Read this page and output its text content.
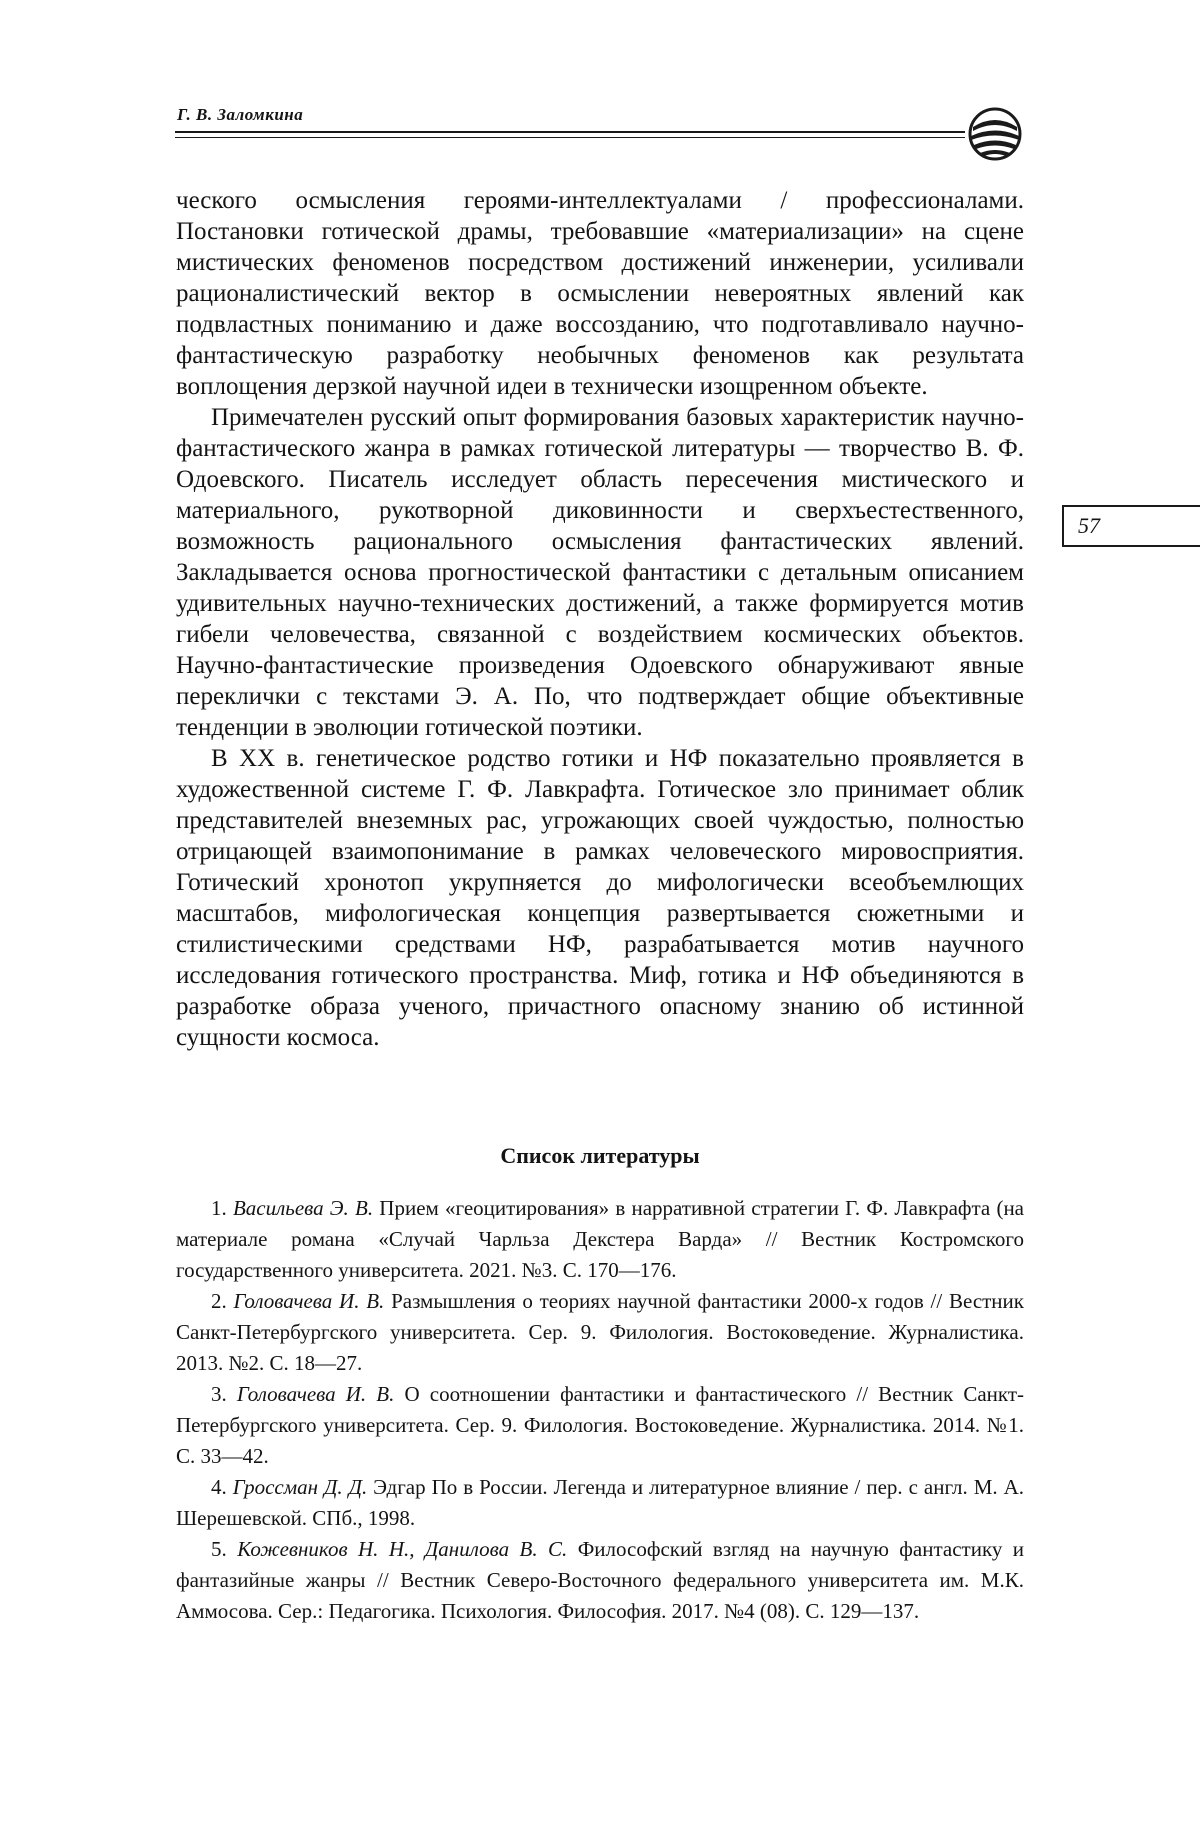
Г. В. Заломкина
57

ческого осмысления героями-интеллектуалами / профессионалами. Постановки готической драмы, требовавшие «материализации» на сцене мистических феноменов посредством достижений инженерии, усиливали рационалистический вектор в осмыслении невероятных явлений как подвластных пониманию и даже воссозданию, что подготавливало научно-фантастическую разработку необычных феноменов как результата воплощения дерзкой научной идеи в технически изощренном объекте.

Примечателен русский опыт формирования базовых характеристик научно-фантастического жанра в рамках готической литературы — творчество В. Ф. Одоевского. Писатель исследует область пересечения мистического и материального, рукотворной диковинности и сверхъестественного, возможность рационального осмысления фантастических явлений. Закладывается основа прогностической фантастики с детальным описанием удивительных научно-технических достижений, а также формируется мотив гибели человечества, связанной с воздействием космических объектов. Научно-фантастические произведения Одоевского обнаруживают явные переклички с текстами Э. А. По, что подтверждает общие объективные тенденции в эволюции готической поэтики.

В XX в. генетическое родство готики и НФ показательно проявляется в художественной системе Г. Ф. Лавкрафта. Готическое зло принимает облик представителей внеземных рас, угрожающих своей чуждостью, полностью отрицающей взаимопонимание в рамках человеческого мировосприятия. Готический хронотоп укрупняется до мифологически всеобъемлющих масштабов, мифологическая концепция развертывается сюжетными и стилистическими средствами НФ, разрабатывается мотив научного исследования готического пространства. Миф, готика и НФ объединяются в разработке образа ученого, причастного опасному знанию об истинной сущности космоса.

Список литературы

1. Васильева Э. В. Прием «геоцитирования» в нарративной стратегии Г. Ф. Лавкрафта (на материале романа «Случай Чарльза Декстера Варда» // Вестник Костромского государственного университета. 2021. №3. С. 170—176.

2. Головачева И. В. Размышления о теориях научной фантастики 2000-х годов // Вестник Санкт-Петербургского университета. Сер. 9. Филология. Востоковедение. Журналистика. 2013. №2. С. 18—27.

3. Головачева И. В. О соотношении фантастики и фантастического // Вестник Санкт-Петербургского университета. Сер. 9. Филология. Востоковедение. Журналистика. 2014. №1. С. 33—42.

4. Гроссман Д. Д. Эдгар По в России. Легенда и литературное влияние / пер. с англ. М. А. Шерешевской. СПб., 1998.

5. Кожевников Н. Н., Данилова В. С. Философский взгляд на научную фантастику и фантазийные жанры // Вестник Северо-Восточного федерального университета им. М.К. Аммосова. Сер.: Педагогика. Психология. Философия. 2017. №4 (08). С. 129—137.
